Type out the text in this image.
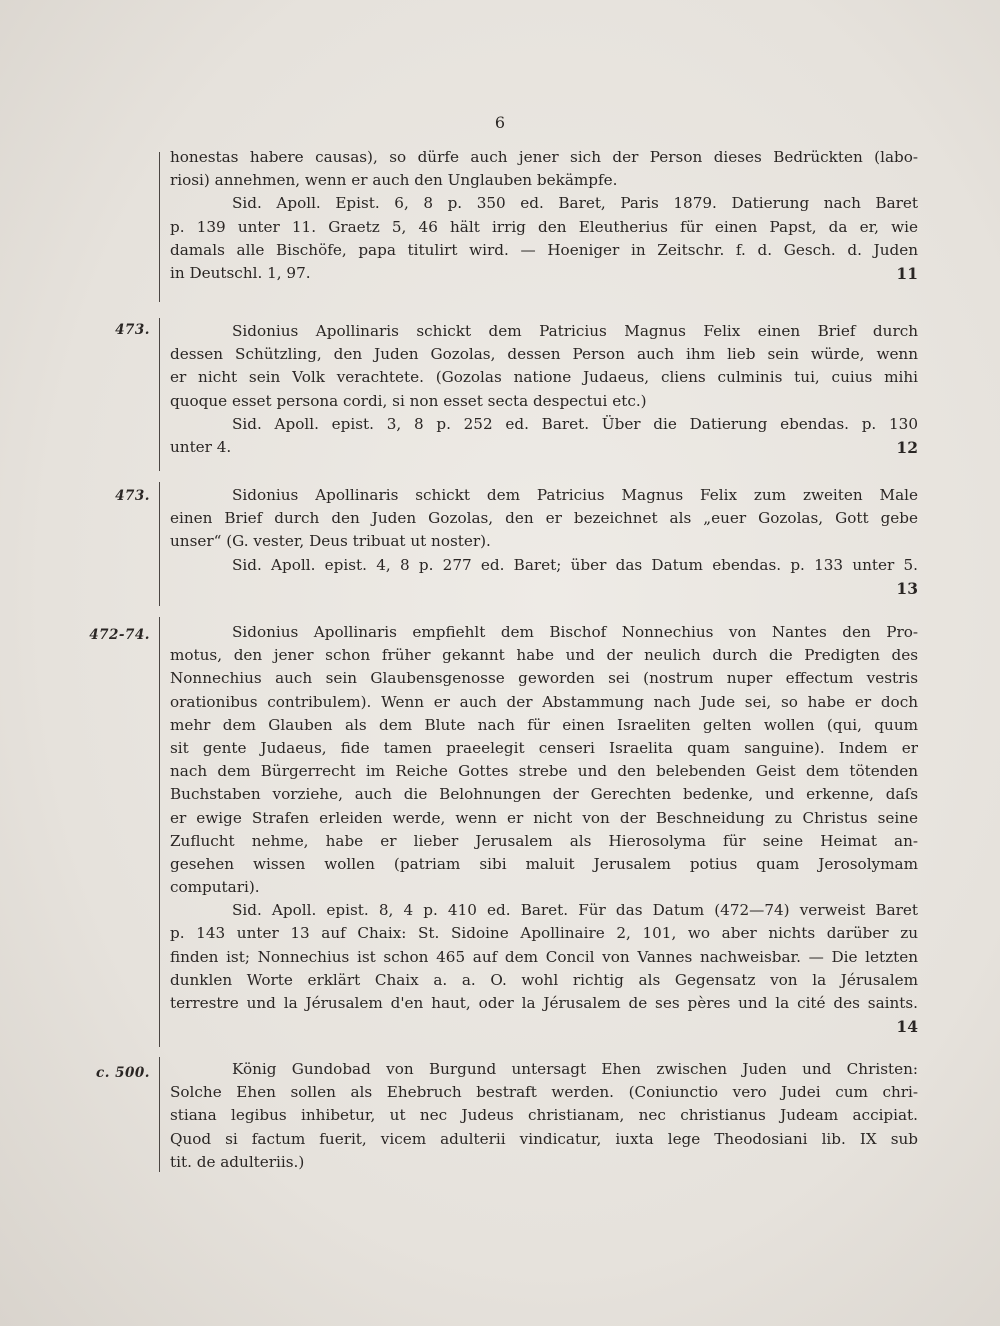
6
honestas habere causas), so dürfe auch jener sich der Person dieses Bedrückten (labo-
riosi) annehmen, wenn er auch den Unglauben bekämpfe.
Sid. Apoll. Epist. 6, 8 p. 350 ed. Baret, Paris 1879. Datierung nach Baret
p. 139 unter 11. Graetz 5, 46 hält irrig den Eleutherius für einen Papst, da er, wie
damals alle Bischöfe, papa titulirt wird. — Hoeniger in Zeitschr. f. d. Gesch. d. Juden
in Deutschl. 1, 97.	11
473.	Sidonius Apollinaris schickt dem Patricius Magnus Felix einen Brief durch
dessen Schützling, den Juden Gozolas, dessen Person auch ihm lieb sein würde, wenn
er nicht sein Volk verachtete. (Gozolas natione Judaeus, cliens culminis tui, cuius mihi
quoque esset persona cordi, si non esset secta despectui etc.)
Sid. Apoll. epist. 3, 8 p. 252 ed. Baret. Über die Datierung ebendas. p. 130
unter 4.	12
473.	Sidonius Apollinaris schickt dem Patricius Magnus Felix zum zweiten Male
einen Brief durch den Juden Gozolas, den er bezeichnet als „euer Gozolas, Gott gebe
unser“ (G. vester, Deus tribuat ut noster).
Sid. Apoll. epist. 4, 8 p. 277 ed. Baret; über das Datum ebendas. p. 133 unter 5.
13
472-74.	Sidonius Apollinaris empfiehlt dem Bischof Nonnechius von Nantes den Pro-
motus, den jener schon früher gekannt habe und der neulich durch die Predigten des
Nonnechius auch sein Glaubensgenosse geworden sei (nostrum nuper effectum vestris
orationibus contribulem). Wenn er auch der Abstammung nach Jude sei, so habe er doch
mehr dem Glauben als dem Blute nach für einen Israeliten gelten wollen (qui, quum
sit gente Judaeus, fide tamen praeelegit censeri Israelita quam sanguine). Indem er
nach dem Bürgerrecht im Reiche Gottes strebe und den belebenden Geist dem tötenden
Buchstaben vorziehe, auch die Belohnungen der Gerechten bedenke, und erkenne, daſs
er ewige Strafen erleiden werde, wenn er nicht von der Beschneidung zu Christus seine
Zuflucht nehme, habe er lieber Jerusalem als Hierosolyma für seine Heimat an-
gesehen wissen wollen (patriam sibi maluit Jerusalem potius quam Jerosolymam
computari).
Sid. Apoll. epist. 8, 4 p. 410 ed. Baret. Für das Datum (472—74) verweist Baret
p. 143 unter 13 auf Chaix: St. Sidoine Apollinaire 2, 101, wo aber nichts darüber zu
finden ist; Nonnechius ist schon 465 auf dem Concil von Vannes nachweisbar. — Die letzten
dunklen Worte erklärt Chaix a. a. O. wohl richtig als Gegensatz von la Jérusalem
terrestre und la Jérusalem d'en haut, oder la Jérusalem de ses pères und la cité des saints.
14
c. 500.	König Gundobad von Burgund untersagt Ehen zwischen Juden und Christen:
Solche Ehen sollen als Ehebruch bestraft werden. (Coniunctio vero Judei cum chri-
stiana legibus inhibetur, ut nec Judeus christianam, nec christianus Judeam accipiat.
Quod si factum fuerit, vicem adulterii vindicatur, iuxta lege Theodosiani lib. IX sub
tit. de adulteriis.)
